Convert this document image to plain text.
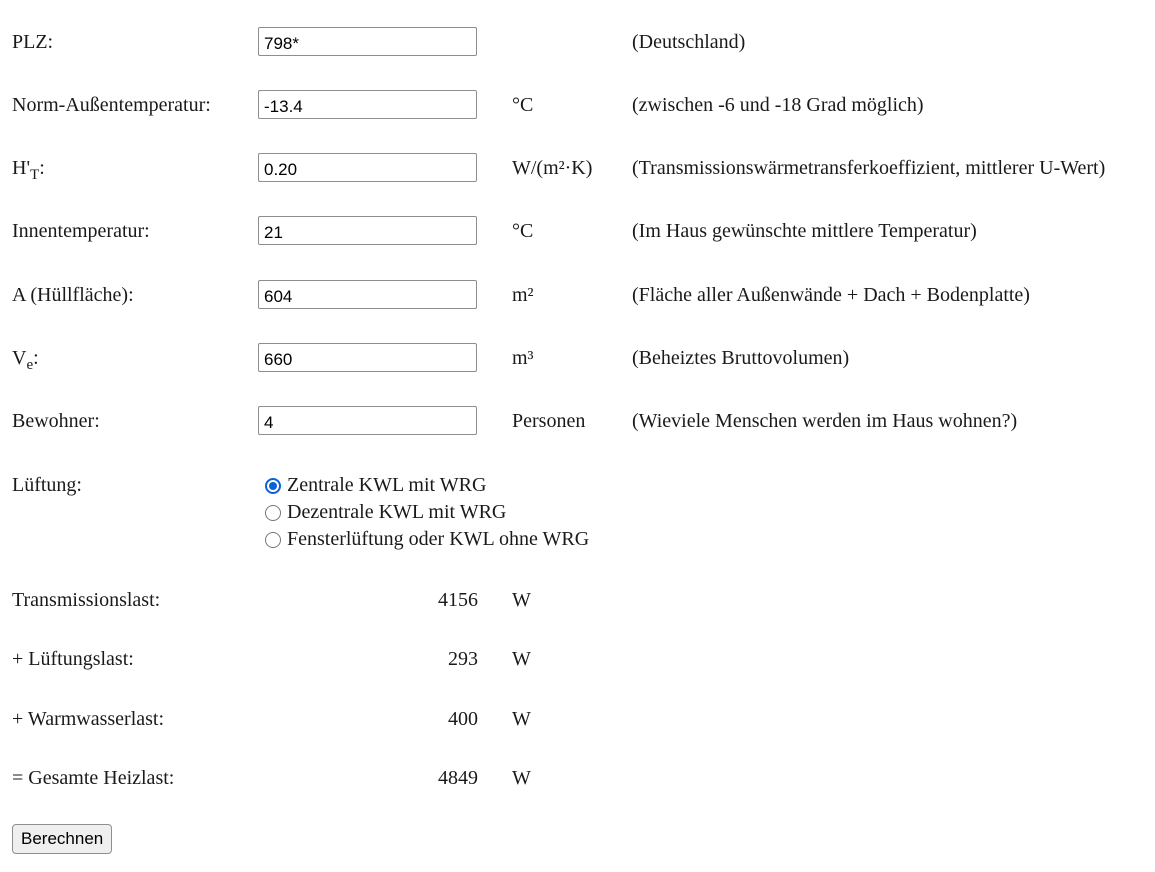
PLZ:
798*	(Deutschland)
Norm-Außentemperatur:
-13.4	°C	(zwischen -6 und -18 Grad möglich)
$H'_T$:
0.20	W/(m²·K) (Transmissionswärmetransferkoeffizient, mittlerer U-Wert)
Innentemperatur:
21	°C	(Im Haus gewünschte mittlere Temperatur)
A (Hüllfläche):
604	m²	(Fläche aller Außenwände + Dach + Bodenplatte)
$V_e$:
660	m³	(Beheiztes Bruttovolumen)
Bewohner:
4	Personen (Wieviele Menschen werden im Haus wohnen?)
Lüftung:	Zentrale KWL mit WRG
Dezentrale KWL mit WRG
Fensterlüftung oder KWL ohne WRG
Transmissionslast:	4156 W
+ Lüftungslast:	293 W
+ Warmwasserlast:	400 W
= Gesamte Heizlast:	4849 W
Berechnen
